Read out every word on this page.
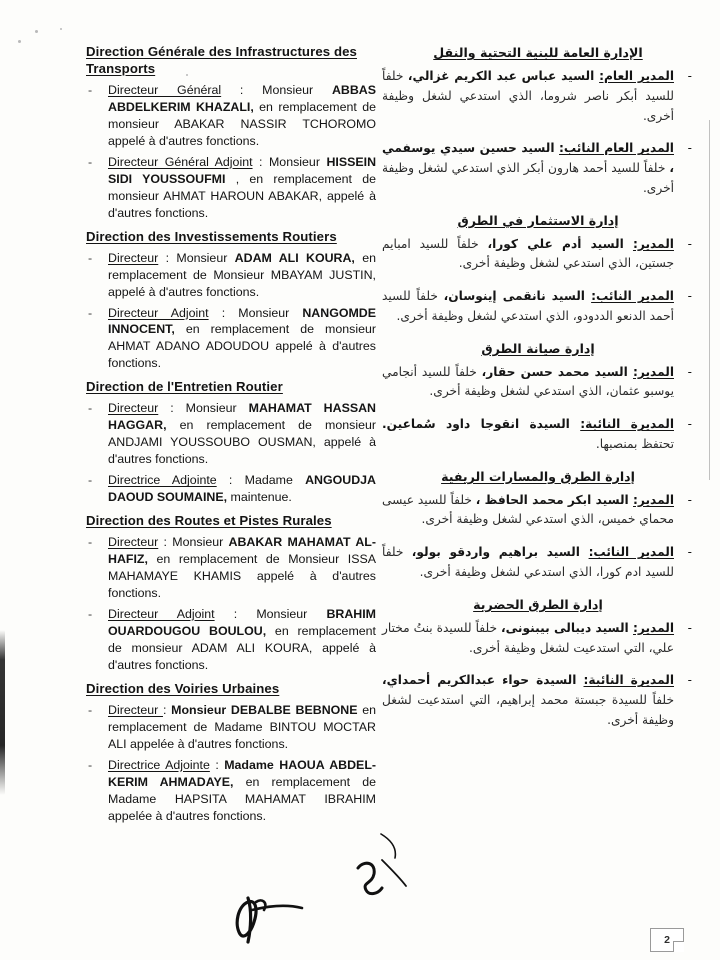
Direction Générale des Infrastructures des Transports
- Directeur Général : Monsieur ABBAS ABDELKERIM KHAZALI, en remplacement de monsieur ABAKAR NASSIR TCHOROMO appelé à d'autres fonctions.
- Directeur Général Adjoint : Monsieur HISSEIN SIDI YOUSSOUFMI , en remplacement de monsieur AHMAT HAROUN ABAKAR, appelé à d'autres fonctions.
Direction des Investissements Routiers
- Directeur : Monsieur ADAM ALI KOURA, en remplacement de Monsieur MBAYAM JUSTIN, appelé à d'autres fonctions.
- Directeur Adjoint : Monsieur NANGOMDE INNOCENT, en remplacement de monsieur AHMAT ADANO ADOUDOU appelé à d'autres fonctions.
Direction de l'Entretien Routier
- Directeur : Monsieur MAHAMAT HASSAN HAGGAR, en remplacement de monsieur ANDJAMI YOUSSOUBO OUSMAN, appelé à d'autres fonctions.
- Directrice Adjointe : Madame ANGOUDJA DAOUD SOUMAINE, maintenue.
Direction des Routes et Pistes Rurales
- Directeur : Monsieur ABAKAR MAHAMAT AL-HAFIZ, en remplacement de Monsieur ISSA MAHAMAYE KHAMIS appelé à d'autres fonctions.
- Directeur Adjoint : Monsieur BRAHIM OUARDOUGOU BOULOU, en remplacement de monsieur ADAM ALI KOURA, appelé à d'autres fonctions.
Direction des Voiries Urbaines
- Directeur : Monsieur DEBALBE BEBNONE en remplacement de Madame BINTOU MOCTAR ALI appelée à d'autres fonctions.
- Directrice Adjointe : Madame HAOUA ABDEL-KERIM AHMADAYE, en remplacement de Madame HAPSITA MAHAMAT IBRAHIM appelée à d'autres fonctions.
الإدارة العامة للبنية التحتية والنقل
-
المدير العام: السيد عباس عبد الكريم غزالي، خلفاً للسيد أبكر ناصر شروما، الذي استدعي لشغل وظيفة أخرى.
-
المدير العام النائب: السيد حسين سيدي يوسفمي ، خلفاً للسيد أحمد هارون أبكر الذي استدعي لشغل وظيفة أخرى.
إدارة الاستثمار في الطرق
-
المدير: السيد أدم علي كورا، خلفاً للسيد امبايم جستين، الذي استدعي لشغل وظيفة أخرى.
-
المدير النائب: السيد نانقمى إينوسان، خلفاً للسيد أحمد الدنعو الددودو، الذي استدعي لشغل وظيفة أخرى.
إدارة صيانة الطرق
-
المدير: السيد محمد حسن حقار، خلفاً للسيد أنجامي يوسبو عثمان، الذي استدعي لشغل وظيفة أخرى.
-
المديرة النائبة: السيدة انقوجا داود سُماعين. تحتفظ بمنصبها.
إدارة الطرق والمسارات الريفية
-
المدير: السيد ابكر محمد الحافظ ، خلفاً للسيد عيسى محماي خميس، الذي استدعي لشغل وظيفة أخرى.
-
المدير النائب: السيد براهيم واردقو بولو، خلفاً للسيد ادم كورا، الذي استدعي لشغل وظيفة أخرى.
إدارة الطرق الحضرية
-
المدير: السيد ديبالى بيبنونى، خلفاً للسيدة بنتُ مختار علي، التي استدعيت لشغل وظيفة أخرى.
-
المديرة النائبة: السيدة حواء عبدالكريم أحمداي، خلفاً للسيدة جبستة محمد إبراهيم، التي استدعيت لشغل وظيفة أخرى.
2
